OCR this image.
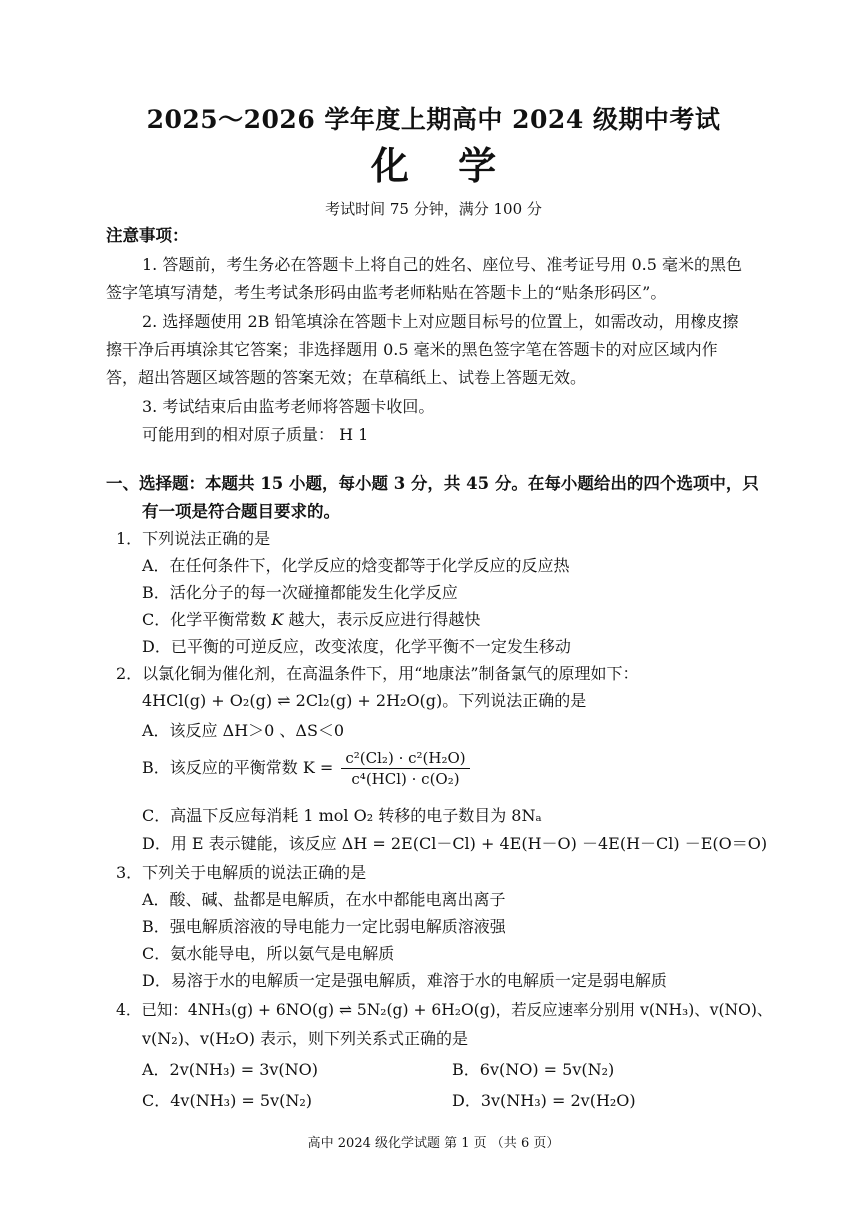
2025～2026 学年度上期高中 2024 级期中考试
化 学
考试时间 75 分钟，满分 100 分
注意事项：
1. 答题前，考生务必在答题卡上将自己的姓名、座位号、准考证号用 0.5 毫米的黑色
签字笔填写清楚，考生考试条形码由监考老师粘贴在答题卡上的“贴条形码区”。
2. 选择题使用 2B 铅笔填涂在答题卡上对应题目标号的位置上，如需改动，用橡皮擦
擦干净后再填涂其它答案；非选择题用 0.5 毫米的黑色签字笔在答题卡的对应区域内作
答，超出答题区域答题的答案无效；在草稿纸上、试卷上答题无效。
3. 考试结束后由监考老师将答题卡收回。
可能用到的相对原子质量： H 1
一、选择题：本题共 15 小题，每小题 3 分，共 45 分。在每小题给出的四个选项中，只
有一项是符合题目要求的。
1．下列说法正确的是
A．在任何条件下，化学反应的焓变都等于化学反应的反应热
B．活化分子的每一次碰撞都能发生化学反应
C．化学平衡常数 K 越大，表示反应进行得越快
D．已平衡的可逆反应，改变浓度，化学平衡不一定发生移动
2．以氯化铜为催化剂，在高温条件下，用“地康法”制备氯气的原理如下：
4HCl(g) + O₂(g) ⇌ 2Cl₂(g) + 2H₂O(g)。下列说法正确的是
A．该反应 ΔH＞0 、ΔS＜0
B．该反应的平衡常数 $K = \frac{\text{c²(Cl₂) · c²(H₂O)}}{\text{c⁴(HCl) · c(O₂)}}$
C．高温下反应每消耗 1 mol O₂ 转移的电子数目为 8Nₐ
D．用 E 表示键能，该反应 ΔH = 2E(Cl－Cl) + 4E(H－O) －4E(H－Cl) －E(O＝O)
3．下列关于电解质的说法正确的是
A．酸、碱、盐都是电解质，在水中都能电离出离子
B．强电解质溶液的导电能力一定比弱电解质溶液强
C．氨水能导电，所以氨气是电解质
D．易溶于水的电解质一定是强电解质，难溶于水的电解质一定是弱电解质
4．已知：4NH₃(g) + 6NO(g) ⇌ 5N₂(g) + 6H₂O(g)，若反应速率分别用 v(NH₃)、v(NO)、
v(N₂)、v(H₂O) 表示，则下列关系式正确的是
A．2v(NH₃) = 3v(NO)	B．6v(NO) = 5v(N₂)
C．4v(NH₃) = 5v(N₂)	D．3v(NH₃) = 2v(H₂O)
高中 2024 级化学试题 第 1 页 （共 6 页）
